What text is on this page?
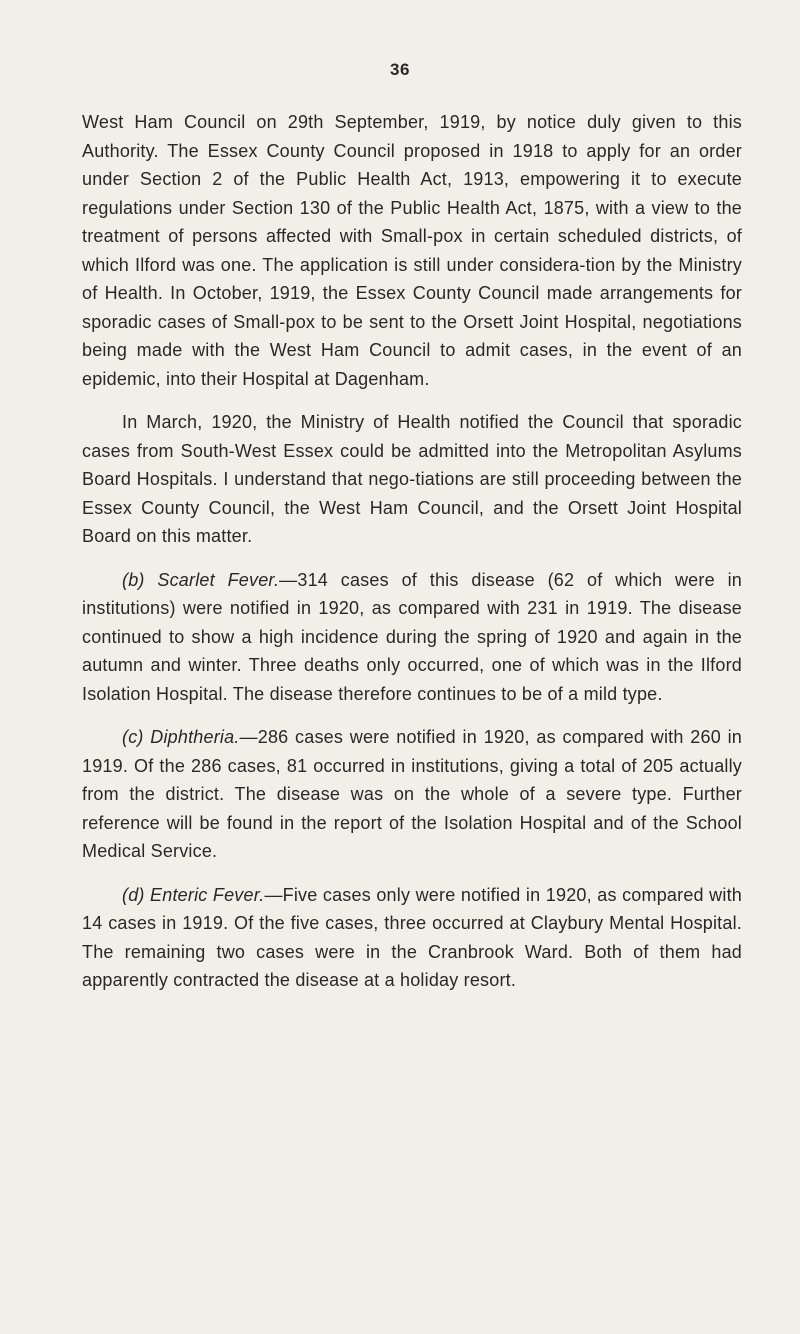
36

West Ham Council on 29th September, 1919, by notice duly given to this Authority. The Essex County Council proposed in 1918 to apply for an order under Section 2 of the Public Health Act, 1913, empowering it to execute regulations under Section 130 of the Public Health Act, 1875, with a view to the treatment of persons affected with Small-pox in certain scheduled districts, of which Ilford was one. The application is still under considera-tion by the Ministry of Health. In October, 1919, the Essex County Council made arrangements for sporadic cases of Small-pox to be sent to the Orsett Joint Hospital, negotiations being made with the West Ham Council to admit cases, in the event of an epidemic, into their Hospital at Dagenham.

In March, 1920, the Ministry of Health notified the Council that sporadic cases from South-West Essex could be admitted into the Metropolitan Asylums Board Hospitals. I understand that nego-tiations are still proceeding between the Essex County Council, the West Ham Council, and the Orsett Joint Hospital Board on this matter.

(b) Scarlet Fever.—314 cases of this disease (62 of which were in institutions) were notified in 1920, as compared with 231 in 1919. The disease continued to show a high incidence during the spring of 1920 and again in the autumn and winter. Three deaths only occurred, one of which was in the Ilford Isolation Hospital. The disease therefore continues to be of a mild type.

(c) Diphtheria.—286 cases were notified in 1920, as compared with 260 in 1919. Of the 286 cases, 81 occurred in institutions, giving a total of 205 actually from the district. The disease was on the whole of a severe type. Further reference will be found in the report of the Isolation Hospital and of the School Medical Service.

(d) Enteric Fever.—Five cases only were notified in 1920, as compared with 14 cases in 1919. Of the five cases, three occurred at Claybury Mental Hospital. The remaining two cases were in the Cranbrook Ward. Both of them had apparently contracted the disease at a holiday resort.
